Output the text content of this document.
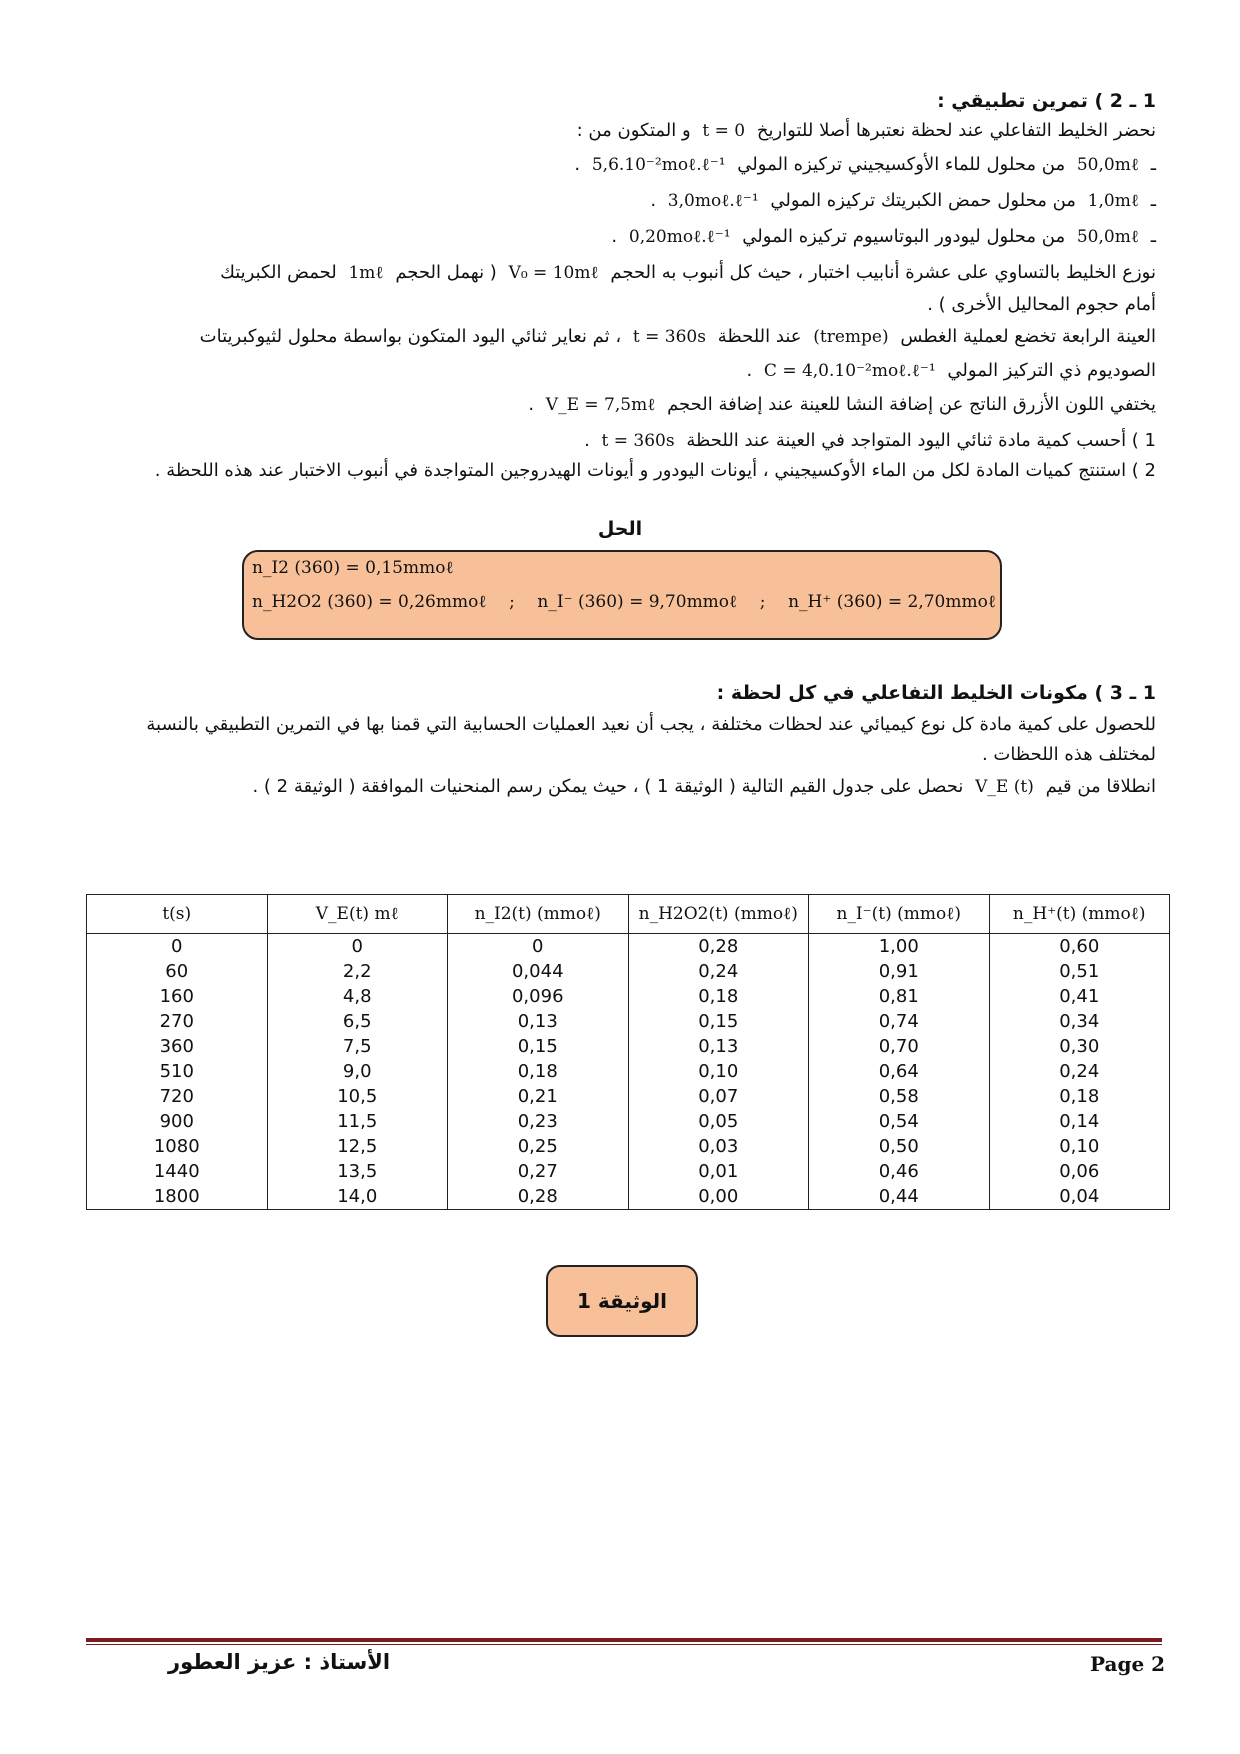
1 ـ 2 ) تمرين تطبيقي :
نحضر الخليط التفاعلي عند لحظة نعتبرها أصلا للتواريخ t = 0 و المتكون من :
ـ 50,0mℓ من محلول للماء الأوكسيجيني تركيزه المولي 5,6.10⁻²moℓ.ℓ⁻¹ .
ـ 1,0mℓ من محلول حمض الكبريتك تركيزه المولي 3,0moℓ.ℓ⁻¹ .
ـ 50,0mℓ من محلول ليودور البوتاسيوم تركيزه المولي 0,20moℓ.ℓ⁻¹ .
نوزع الخليط بالتساوي على عشرة أنابيب اختبار ، حيث كل أنبوب به الحجم V₀ = 10mℓ ( نهمل الحجم 1mℓ لحمض الكبريتك
أمام حجوم المحاليل الأخرى ) .
العينة الرابعة تخضع لعملية الغطس (trempe) عند اللحظة t = 360s ، ثم نعاير ثنائي اليود المتكون بواسطة محلول لثيوكبريتات
الصوديوم ذي التركيز المولي C = 4,0.10⁻²moℓ.ℓ⁻¹ .
يختفي اللون الأزرق الناتج عن إضافة النشا للعينة عند إضافة الحجم V_E = 7,5mℓ .
1 ) أحسب كمية مادة ثنائي اليود المتواجد في العينة عند اللحظة t = 360s .
2 ) استنتج كميات المادة لكل من الماء الأوكسيجيني ، أيونات اليودور و أيونات الهيدروجين المتواجدة في أنبوب الاختبار عند هذه اللحظة .
الحل
n_I2 (360) = 0,15mmoℓ
n_H2O2 (360) = 0,26mmoℓ ; n_I⁻ (360) = 9,70mmoℓ ; n_H⁺ (360) = 2,70mmoℓ
1 ـ 3 ) مكونات الخليط التفاعلي في كل لحظة :
للحصول على كمية مادة كل نوع كيميائي عند لحظات مختلفة ، يجب أن نعيد العمليات الحسابية التي قمنا بها في التمرين التطبيقي بالنسبة لمختلف هذه اللحظات .
انطلاقا من قيم V_E (t) نحصل على جدول القيم التالية ( الوثيقة 1 ) ، حيث يمكن رسم المنحنيات الموافقة ( الوثيقة 2 ) .
t(s)	V_E(t) mℓ	n_I2(t) (mmoℓ)	n_H2O2(t) (mmoℓ)	n_I⁻(t) (mmoℓ)	n_H⁺(t) (mmoℓ)
0	0	0	0,28	1,00	0,60
60	2,2	0,044	0,24	0,91	0,51
160	4,8	0,096	0,18	0,81	0,41
270	6,5	0,13	0,15	0,74	0,34
360	7,5	0,15	0,13	0,70	0,30
510	9,0	0,18	0,10	0,64	0,24
720	10,5	0,21	0,07	0,58	0,18
900	11,5	0,23	0,05	0,54	0,14
1080	12,5	0,25	0,03	0,50	0,10
1440	13,5	0,27	0,01	0,46	0,06
1800	14,0	0,28	0,00	0,44	0,04
الوثيقة 1
الأستاذ : عزيز العطور	Page 2
